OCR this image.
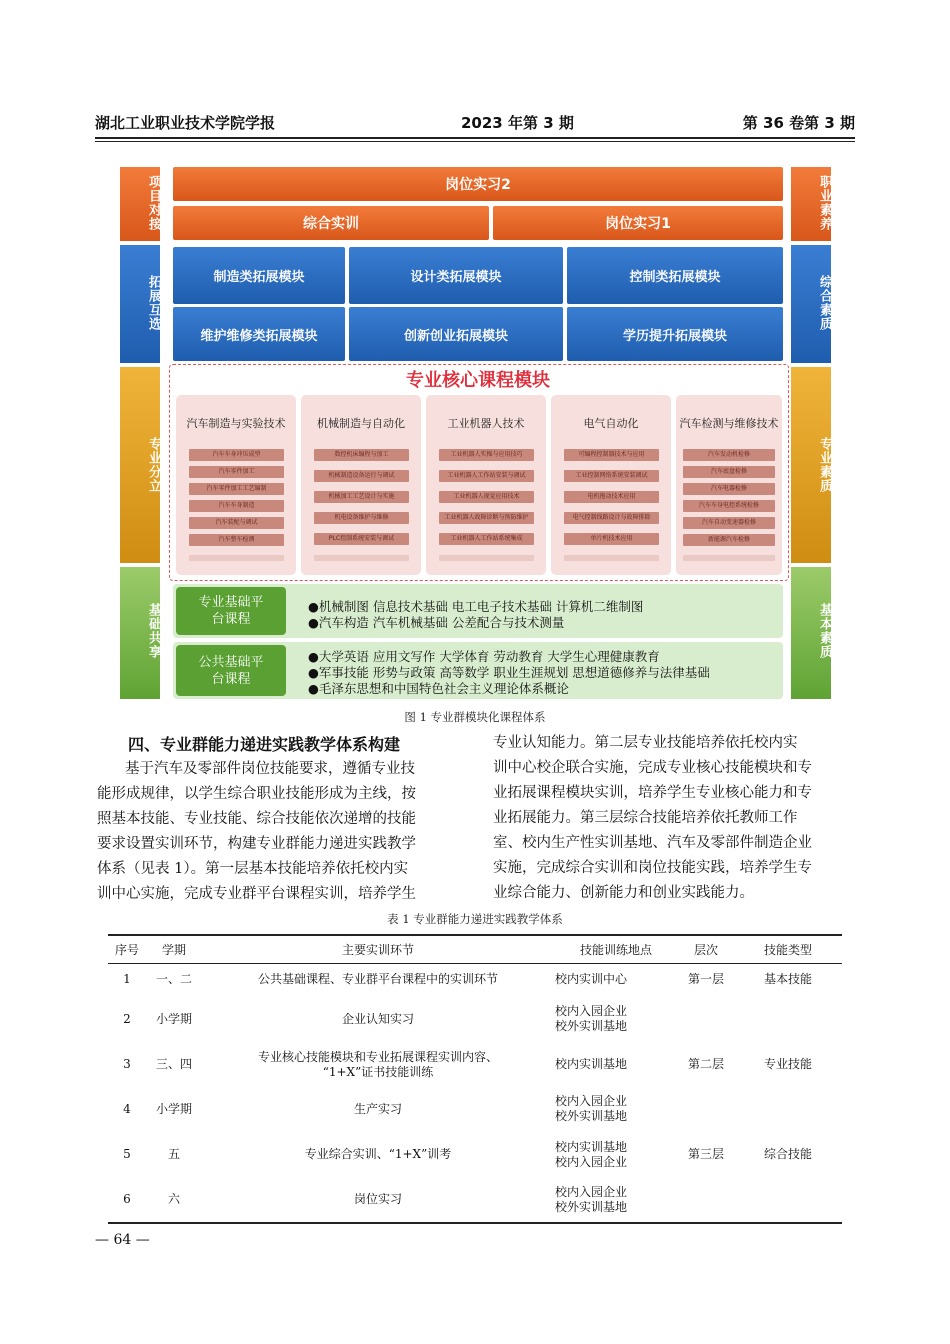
湖北工业职业技术学院学报	2023 年第 3 期	第 36 卷第 3 期
项目对接
拓展互选
专业分立
基础共享
职业素养
综合素质
专业素质
基本素质
岗位实习2
综合实训	岗位实习1
制造类拓展模块	设计类拓展模块	控制类拓展模块
维护维修类拓展模块	创新创业拓展模块	学历提升拓展模块
专业核心课程模块
汽车制造与实验技术
汽车车身冲压成型
汽车零件加工
汽车零件加工工艺编制
汽车车身制造
汽车装配与调试
汽车整车检测
机械制造与自动化
数控机床编程与加工
机械制造设备运行与调试
机械加工工艺设计与实施
机电设备维护与维修
PLC控制系统安装与调试
工业机器人技术
工业机器人实操与应用技巧
工业机器人工作站安装与调试
工业机器人视觉应用技术
工业机器人故障诊断与预防维护
工业机器人工作站系统集成
电气自动化
可编程控制器技术与应用
工业控制网络系统安装调试
电机拖动技术应用
电气控制线路设计与故障排除
单片机技术应用
汽车检测与维修技术
汽车发动机检修
汽车底盘检修
汽车电器检修
汽车车身电控系统检修
汽车自动变速器检修
新能源汽车检修
专业基础平台课程
●机械制图 信息技术基础 电工电子技术基础 计算机二维制图
●汽车构造 汽车机械基础 公差配合与技术测量
公共基础平台课程
●大学英语 应用文写作 大学体育 劳动教育 大学生心理健康教育
●军事技能 形势与政策 高等数学 职业生涯规划 思想道德修养与法律基础
●毛泽东思想和中国特色社会主义理论体系概论
图 1 专业群模块化课程体系
四、专业群能力递进实践教学体系构建
基于汽车及零部件岗位技能要求，遵循专业技
能形成规律，以学生综合职业技能形成为主线，按
照基本技能、专业技能、综合技能依次递增的技能
要求设置实训环节，构建专业群能力递进实践教学
体系（见表 1）。第一层基本技能培养依托校内实
训中心实施，完成专业群平台课程实训，培养学生
专业认知能力。第二层专业技能培养依托校内实
训中心校企联合实施，完成专业核心技能模块和专
业拓展课程模块实训，培养学生专业核心能力和专
业拓展能力。第三层综合技能培养依托教师工作
室、校内生产性实训基地、汽车及零部件制造企业
实施，完成综合实训和岗位技能实践，培养学生专
业综合能力、创新能力和创业实践能力。
表 1 专业群能力递进实践教学体系
序号	学期	主要实训环节	技能训练地点	层次	技能类型

1	一、二	公共基础课程、专业群平台课程中的实训环节	校内实训中心	第一层	基本技能

2	小学期	企业认知实习	校内入园企业
校外实训基地		

3	三、四	专业核心技能模块和专业拓展课程实训内容、
“1+X”证书技能训练	校内实训基地	第二层	专业技能

4	小学期	生产实习	校内入园企业
校外实训基地		

5	五	专业综合实训、“1+X”训考	校内实训基地
校内入园企业	第三层	综合技能

6	六	岗位实习	校内入园企业
校外实训基地		

— 64 —
